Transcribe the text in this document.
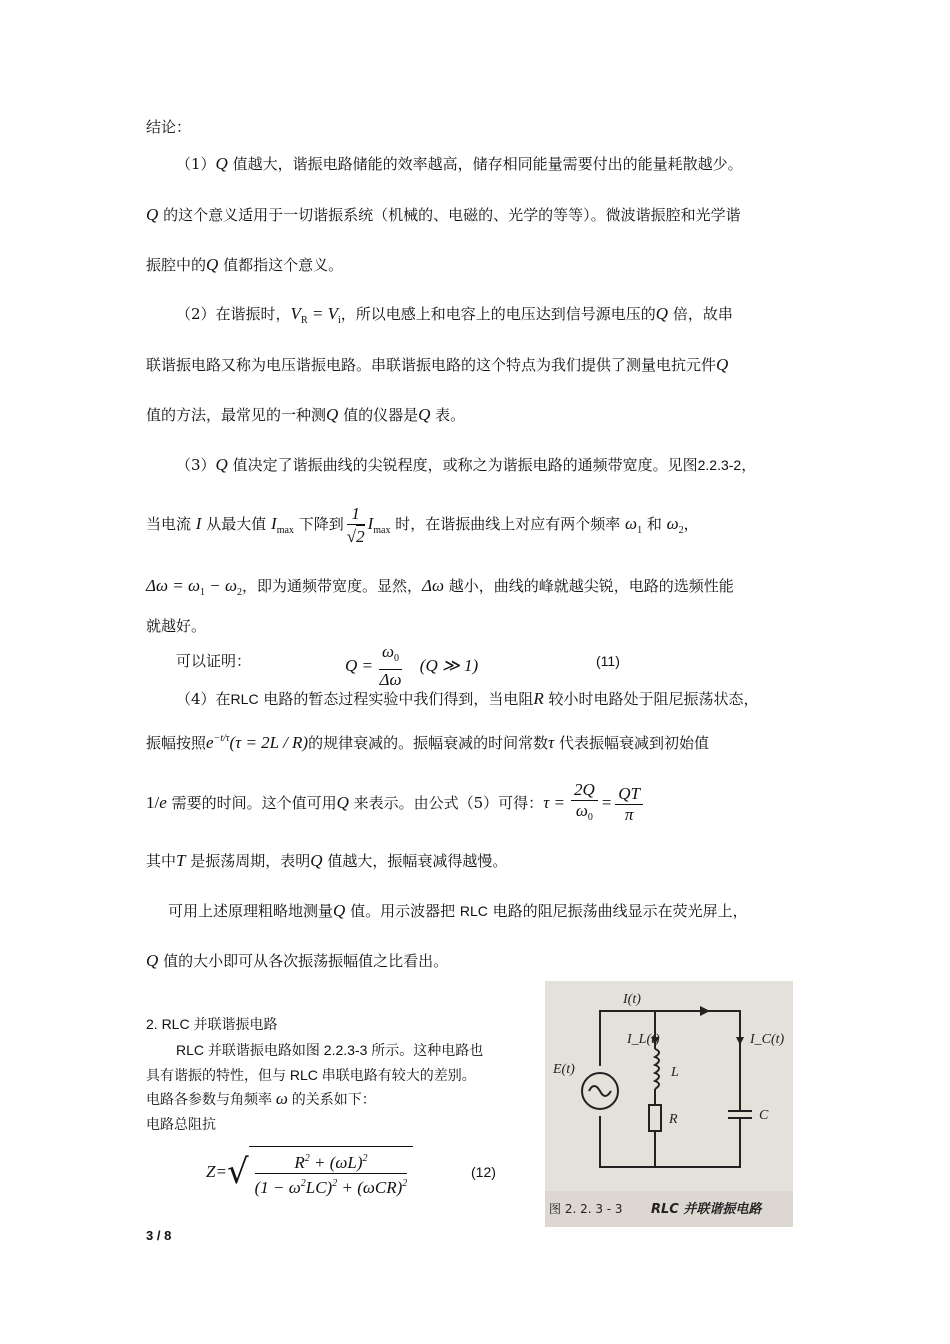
结论：
（1）Q 值越大，谐振电路储能的效率越高，储存相同能量需要付出的能量耗散越少。
Q 的这个意义适用于一切谐振系统（机械的、电磁的、光学的等等）。微波谐振腔和光学谐
振腔中的Q 值都指这个意义。
（2）在谐振时，$V_R = V_i$，所以电感上和电容上的电压达到信号源电压的Q 倍，故串
联谐振电路又称为电压谐振电路。串联谐振电路的这个特点为我们提供了测量电抗元件Q
值的方法，最常见的一种测Q 值的仪器是Q 表。
（3）Q 值决定了谐振曲线的尖锐程度，或称之为谐振电路的通频带宽度。见图2.2.3-2，
当电流 I 从最大值 $I_{max}$ 下降到 $\frac{1}{√2} I_{max}$ 时，在谐振曲线上对应有两个频率 $\omega_1$ 和 $\omega_2$，
$\Delta\omega = \omega_1 - \omega_2$，即为通频带宽度。显然，Δω 越小，曲线的峰就越尖锐，电路的选频性能
就越好。
可以证明：	$Q = \frac{\omega_0}{\Delta\omega} (Q$ ≫ 1)	(11)
（4）在RLC 电路的暂态过程实验中我们得到，当电阻R 较小时电路处于阻尼振荡状态，
振幅按照$e^{-t/\tau}(\tau = 2L / R)$的规律衰减的。振幅衰减的时间常数τ 代表振幅衰减到初始值
1/e 需要的时间。这个值可用Q 来表示。由公式（5）可得：$\tau = \frac{2Q}{\omega_0} = \frac{QT}{\pi}$
其中T 是振荡周期，表明Q 值越大，振幅衰减得越慢。
可用上述原理粗略地测量Q 值。用示波器把 RLC 电路的阻尼振荡曲线显示在荧光屏上，
Q 值的大小即可从各次振荡振幅值之比看出。
2. RLC 并联谐振电路
RLC 并联谐振电路如图 2.2.3-3 所示。这种电路也
具有谐振的特性，但与 RLC 串联电路有较大的差别。
电路各参数与角频率 ω 的关系如下：
电路总阻抗
$Z=√ \frac{R^2 + (\omega L)^2}{(1 - \omega^2LC)^2 + (\omega CR)^2}$	(12)
I(t)
I_L(t)	I_C(t)
E(t)	L
R	C
图 2. 2. 3 - 3 RLC 并联谐振电路
3 / 8
